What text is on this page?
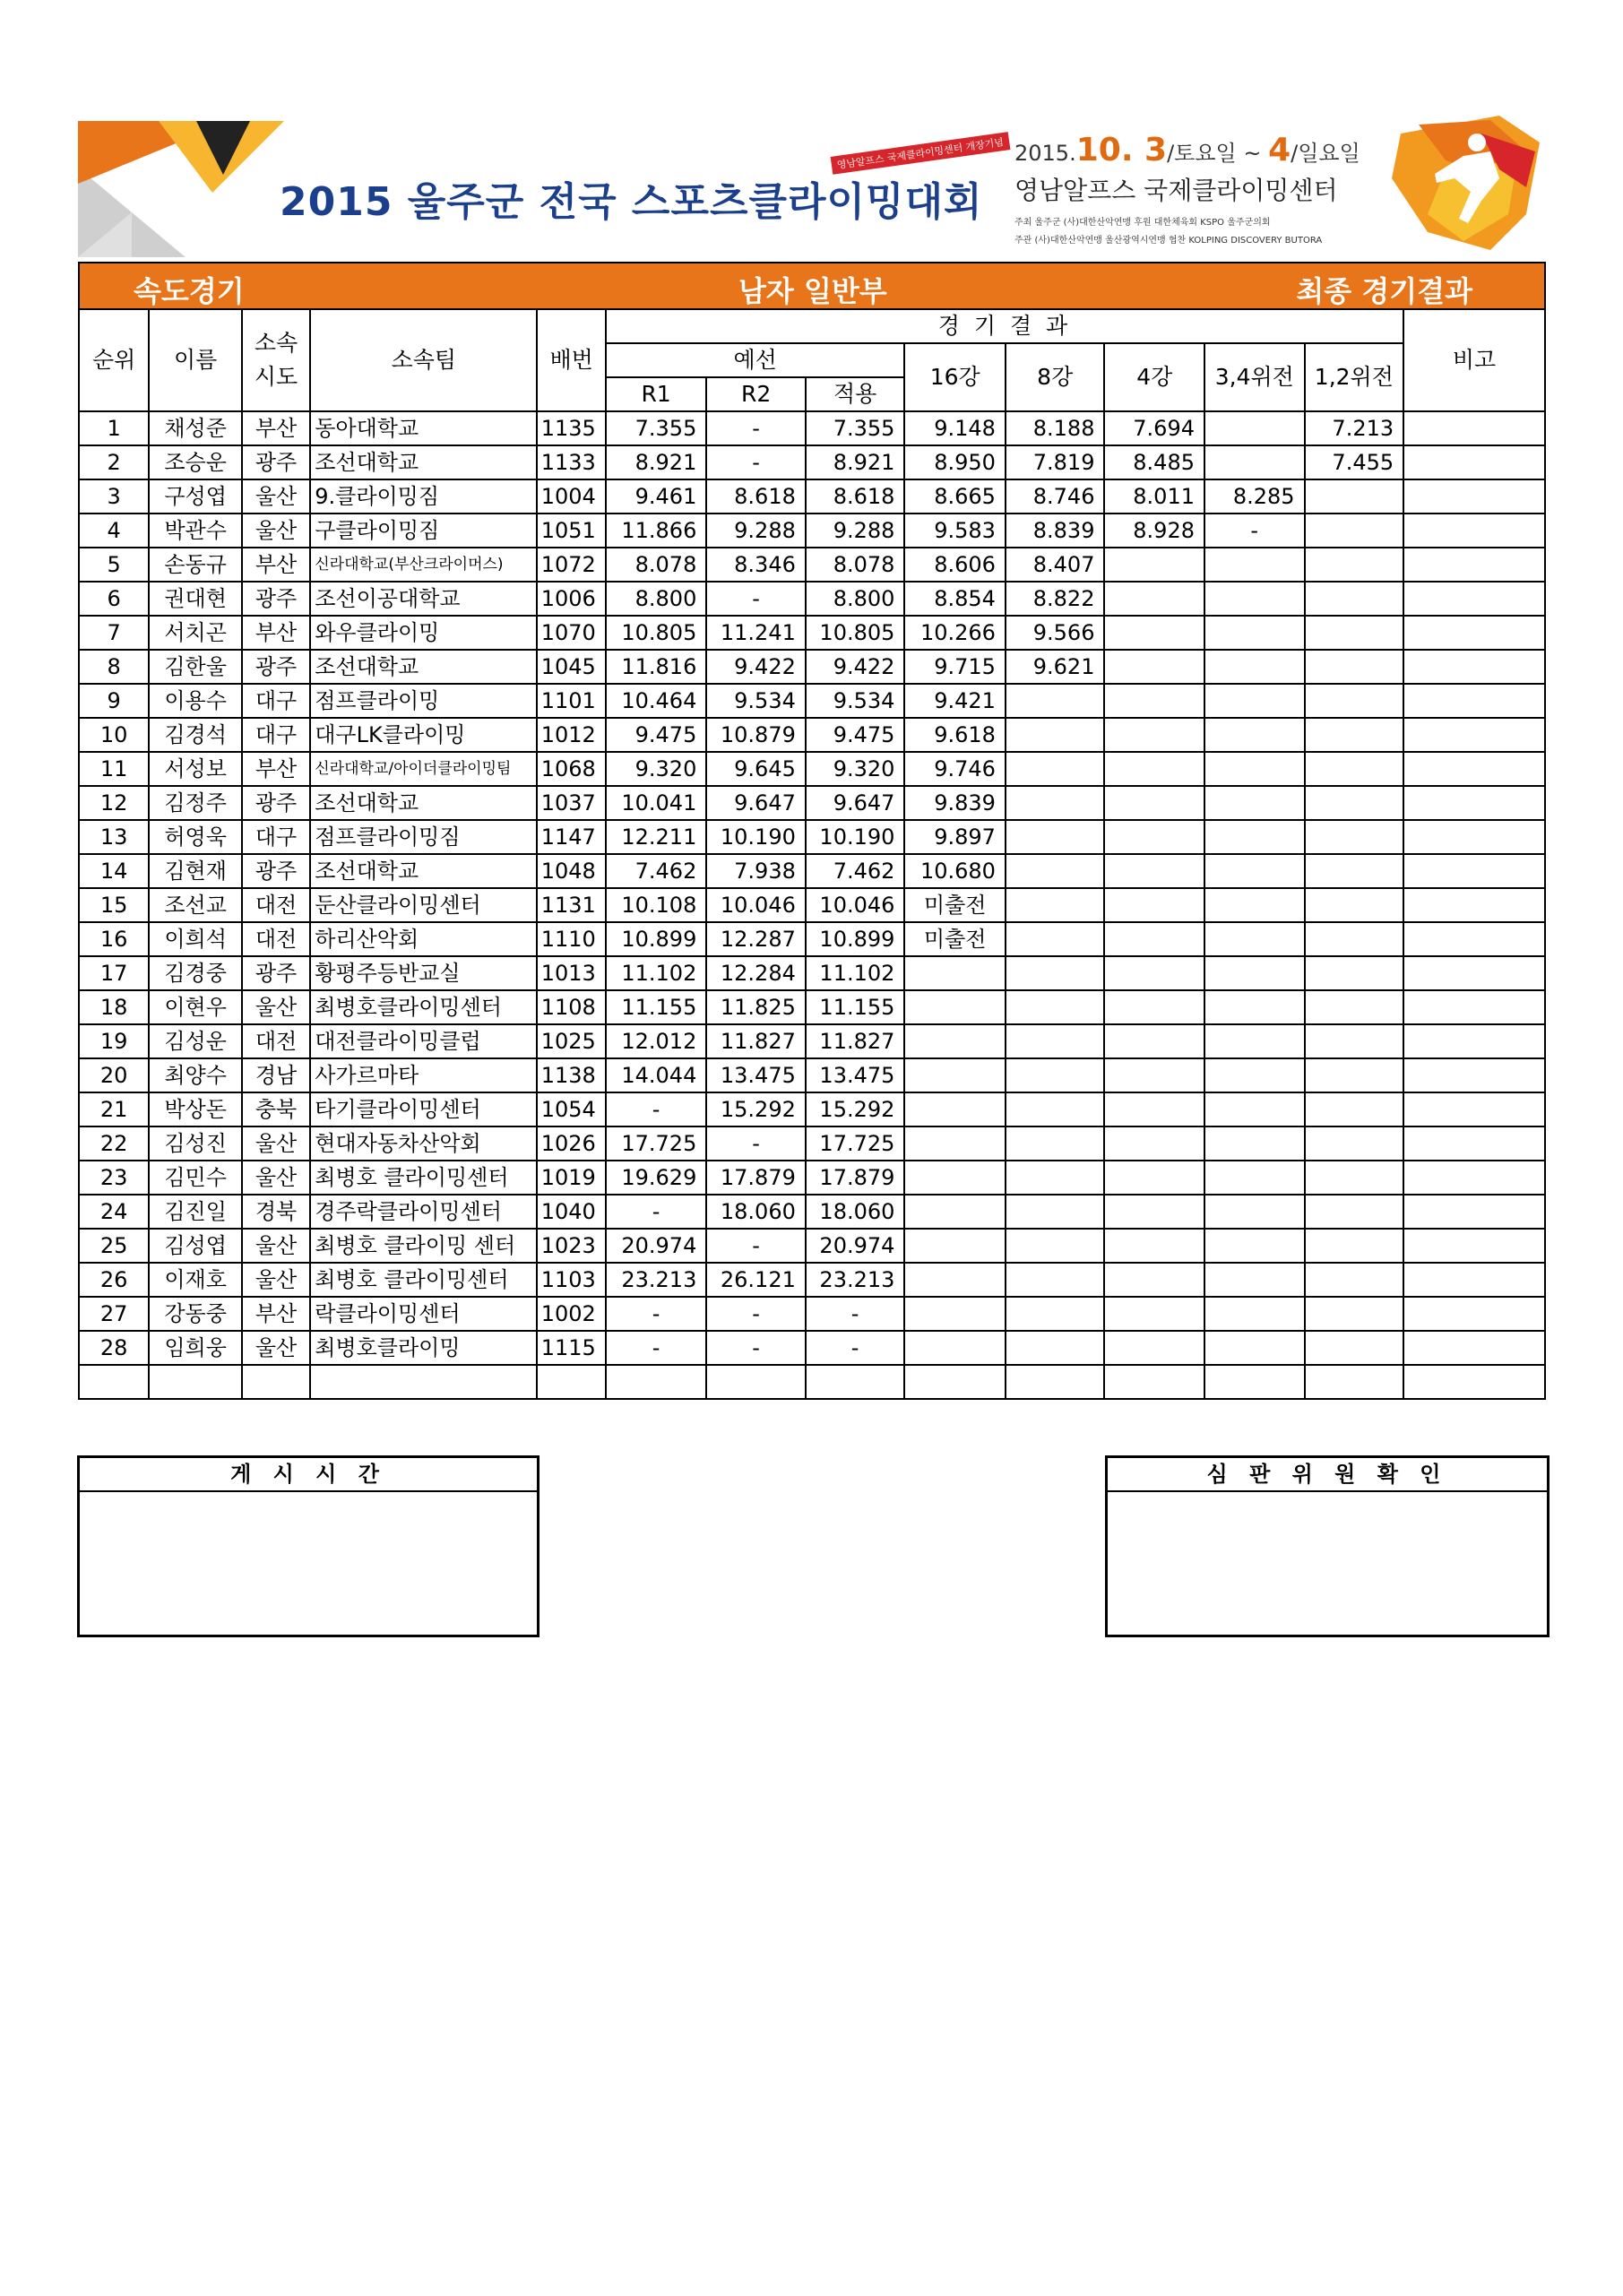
2015 울주군 전국 스포츠클라이밍대회
영남알프스 국제클라이밍센터 개장기념 2015.10. 3/토요일 ~ 4/일요일
영남알프스 국제클라이밍센터
주최 울주군 (사)대한산악연맹 후원 대한체육회 KSPO 울주군의회
주관 (사)대한산악연맹 울산광역시연맹 협찬 KOLPING DISCOVERY BUTORA
속도경기	남자 일반부	최종 경기결과
순위	이름	소속
시도	소속팀	배번	경 기 결 과								비고
					예선			16강	8강	4강	3,4위전	1,2위전	
					R1	R2	적용						
1	채성준	부산	동아대학교	1135	7.355	-	7.355	9.148	8.188	7.694		7.213	
2	조승운	광주	조선대학교	1133	8.921	-	8.921	8.950	7.819	8.485		7.455	
3	구성엽	울산	9.클라이밍짐	1004	9.461	8.618	8.618	8.665	8.746	8.011	8.285		
4	박관수	울산	구클라이밍짐	1051	11.866	9.288	9.288	9.583	8.839	8.928	-		
5	손동규	부산	신라대학교(부산크라이머스)	1072	8.078	8.346	8.078	8.606	8.407				
6	권대현	광주	조선이공대학교	1006	8.800	-	8.800	8.854	8.822				
7	서치곤	부산	와우클라이밍	1070	10.805	11.241	10.805	10.266	9.566				
8	김한울	광주	조선대학교	1045	11.816	9.422	9.422	9.715	9.621				
9	이용수	대구	점프클라이밍	1101	10.464	9.534	9.534	9.421					
10	김경석	대구	대구LK클라이밍	1012	9.475	10.879	9.475	9.618					
11	서성보	부산	신라대학교/아이더클라이밍팀	1068	9.320	9.645	9.320	9.746					
12	김정주	광주	조선대학교	1037	10.041	9.647	9.647	9.839					
13	허영욱	대구	점프클라이밍짐	1147	12.211	10.190	10.190	9.897					
14	김현재	광주	조선대학교	1048	7.462	7.938	7.462	10.680					
15	조선교	대전	둔산클라이밍센터	1131	10.108	10.046	10.046	미출전					
16	이희석	대전	하리산악회	1110	10.899	12.287	10.899	미출전					
17	김경중	광주	황평주등반교실	1013	11.102	12.284	11.102						
18	이현우	울산	최병호클라이밍센터	1108	11.155	11.825	11.155						
19	김성운	대전	대전클라이밍클럽	1025	12.012	11.827	11.827						
20	최양수	경남	사가르마타	1138	14.044	13.475	13.475						
21	박상돈	충북	타기클라이밍센터	1054	-	15.292	15.292						
22	김성진	울산	현대자동차산악회	1026	17.725	-	17.725						
23	김민수	울산	최병호 클라이밍센터	1019	19.629	17.879	17.879						
24	김진일	경북	경주락클라이밍센터	1040	-	18.060	18.060						
25	김성엽	울산	최병호 클라이밍 센터	1023	20.974	-	20.974						
26	이재호	울산	최병호 클라이밍센터	1103	23.213	26.121	23.213						
27	강동중	부산	락클라이밍센터	1002	-	-	-						
28	임희웅	울산	최병호클라이밍	1115	-	-	-						

게 시 시 간	심 판 위 원 확 인
